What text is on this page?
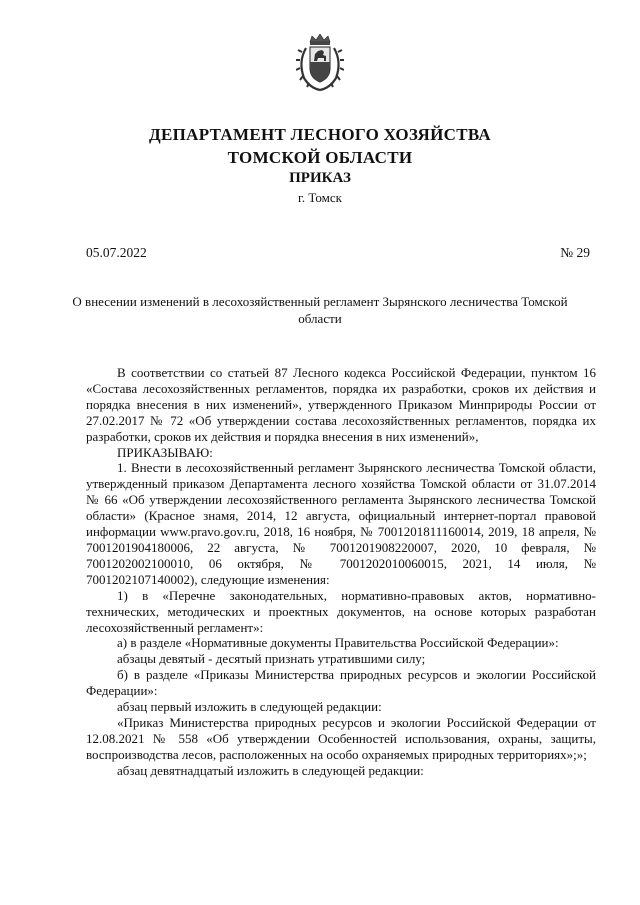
ДЕПАРТАМЕНТ ЛЕСНОГО ХОЗЯЙСТВА
ТОМСКОЙ ОБЛАСТИ
ПРИКАЗ
г. Томск
05.07.2022	№ 29
О внесении изменений в лесохозяйственный регламент Зырянского лесничества Томской области

В соответствии со статьей 87 Лесного кодекса Российской Федерации, пунктом 16 «Состава лесохозяйственных регламентов, порядка их разработки, сроков их действия и порядка внесения в них изменений», утвержденного Приказом Минприроды России от 27.02.2017 № 72 «Об утверждении состава лесохозяйственных регламентов, порядка их разработки, сроков их действия и порядка внесения в них изменений»,

ПРИКАЗЫВАЮ:

1. Внести в лесохозяйственный регламент Зырянского лесничества Томской области, утвержденный приказом Департамента лесного хозяйства Томской области от 31.07.2014 № 66 «Об утверждении лесохозяйственного регламента Зырянского лесничества Томской области» (Красное знамя, 2014, 12 августа, официальный интернет-портал правовой информации www.pravo.gov.ru, 2018, 16 ноября, № 7001201811160014, 2019, 18 апреля, № 7001201904180006, 22 августа, № 7001201908220007, 2020, 10 февраля, № 7001202002100010, 06 октября, № 7001202010060015, 2021, 14 июля, № 7001202107140002), следующие изменения:

1) в «Перечне законодательных, нормативно-правовых актов, нормативно-технических, методических и проектных документов, на основе которых разработан лесохозяйственный регламент»:

а) в разделе «Нормативные документы Правительства Российской Федерации»:

абзацы девятый - десятый признать утратившими силу;

б) в разделе «Приказы Министерства природных ресурсов и экологии Российской Федерации»:

абзац первый изложить в следующей редакции:

«Приказ Министерства природных ресурсов и экологии Российской Федерации от 12.08.2021 № 558 «Об утверждении Особенностей использования, охраны, защиты, воспроизводства лесов, расположенных на особо охраняемых природных территориях»;»;

абзац девятнадцатый изложить в следующей редакции:
